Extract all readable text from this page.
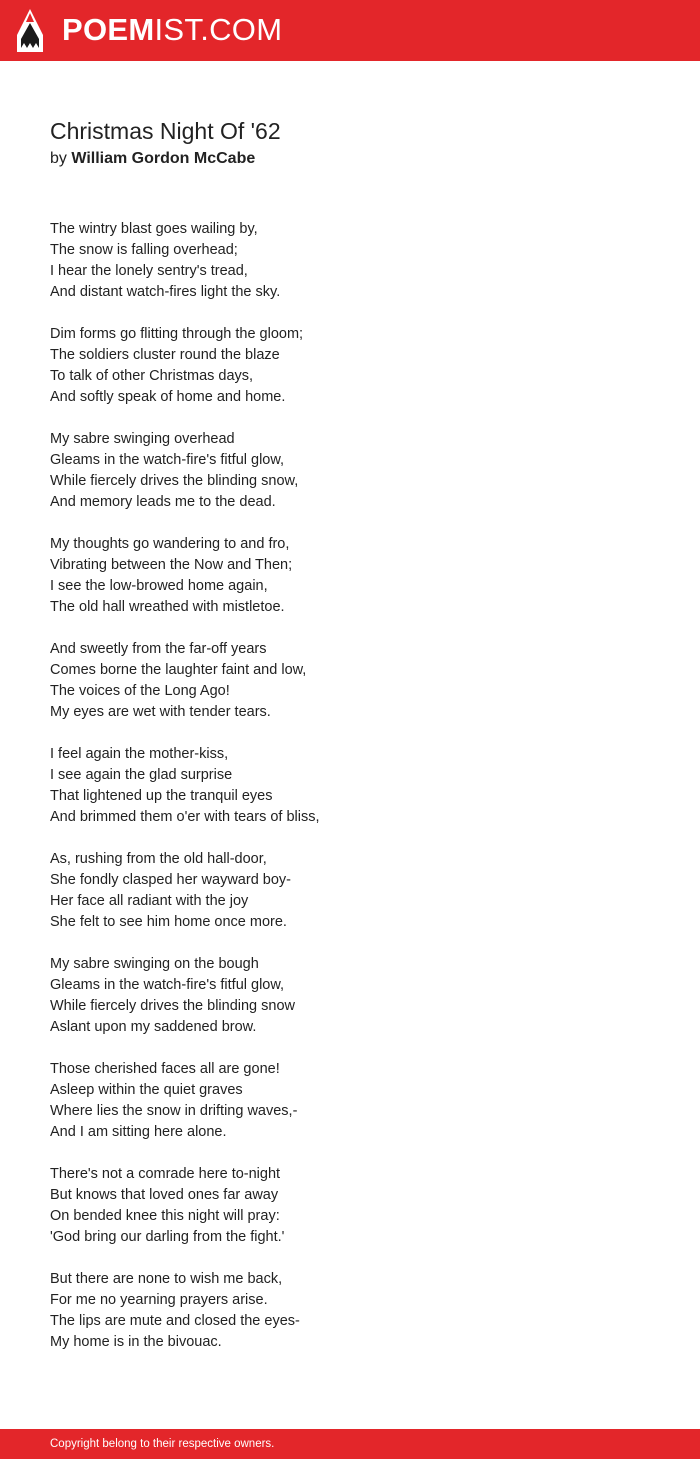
POEMIST.COM
Christmas Night Of '62
by William Gordon McCabe
The wintry blast goes wailing by,
The snow is falling overhead;
I hear the lonely sentry's tread,
And distant watch-fires light the sky.
Dim forms go flitting through the gloom;
The soldiers cluster round the blaze
To talk of other Christmas days,
And softly speak of home and home.
My sabre swinging overhead
Gleams in the watch-fire's fitful glow,
While fiercely drives the blinding snow,
And memory leads me to the dead.
My thoughts go wandering to and fro,
Vibrating between the Now and Then;
I see the low-browed home again,
The old hall wreathed with mistletoe.
And sweetly from the far-off years
Comes borne the laughter faint and low,
The voices of the Long Ago!
My eyes are wet with tender tears.
I feel again the mother-kiss,
I see again the glad surprise
That lightened up the tranquil eyes
And brimmed them o'er with tears of bliss,
As, rushing from the old hall-door,
She fondly clasped her wayward boy-
Her face all radiant with the joy
She felt to see him home once more.
My sabre swinging on the bough
Gleams in the watch-fire's fitful glow,
While fiercely drives the blinding snow
Aslant upon my saddened brow.
Those cherished faces all are gone!
Asleep within the quiet graves
Where lies the snow in drifting waves,-
And I am sitting here alone.
There's not a comrade here to-night
But knows that loved ones far away
On bended knee this night will pray:
'God bring our darling from the fight.'
But there are none to wish me back,
For me no yearning prayers arise.
The lips are mute and closed the eyes-
My home is in the bivouac.
Copyright belong to their respective owners.
